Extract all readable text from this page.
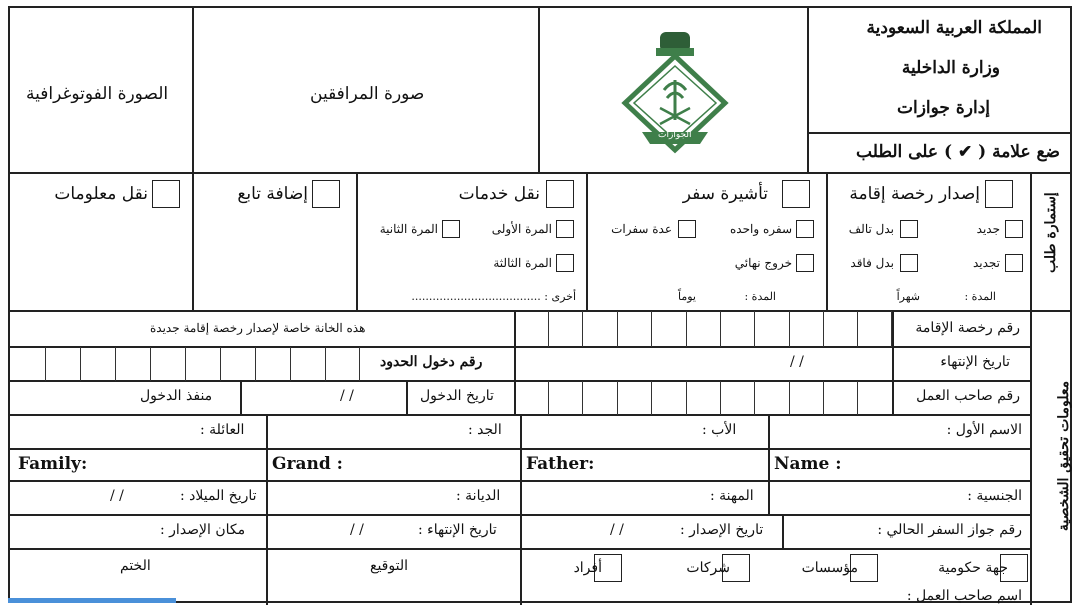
المملكة العربية السعودية
وزارة الداخلية
إدارة جوازات
ضع علامة ( ✔ ) على الطلب
الجوازات
صورة المرافقين
الصورة الفوتوغرافية
إستمارة طلب
إصدار رخصة إقامة
جديد
بدل تالف
تجديد
بدل فاقد
المدة :
شهراً
تأشيرة سفر
سفره واحده
عدة سفرات
خروج نهائي
المدة :
يوماً
نقل خدمات
المرة الأولى
المرة الثانية
المرة الثالثة
أخرى : .....................................
إضافة تابع
نقل معلومات
معلومات تحقيق الشخصية
رقم رخصة الإقامة
هذه الخانة خاصة لإصدار رخصة إقامة جديدة
تاريخ الإنتهاء
/ /
رقم دخول الحدود
رقم صاحب العمل
تاريخ الدخول
/ /
منفذ الدخول
الاسم الأول :
الأب :
الجد :
العائلة :
Name :
Father:
Grand :
Family:
الجنسية :
المهنة :
الديانة :
تاريخ الميلاد :
/ /
رقم جواز السفر الحالي :
تاريخ الإصدار :
/ /
تاريخ الإنتهاء :
/ /
مكان الإصدار :
جهة حكومية
مؤسسات
شركات
أفراد
اسم صاحب العمل :
التوقيع
الختم
